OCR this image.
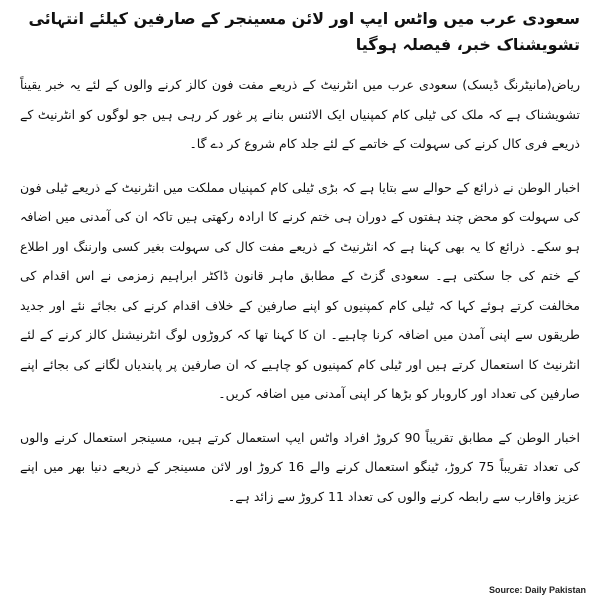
سعودی عرب میں واٹس ایپ اور لائن مسینجر کے صارفین کیلئے انتہائی تشویشناک خبر، فیصلہ ہوگیا

ریاض(مانیٹرنگ ڈیسک) سعودی عرب میں انٹرنیٹ کے ذریعے مفت فون کالز کرنے والوں کے لئے یہ خبر یقیناً تشویشناک ہے کہ ملک کی ٹیلی کام کمپنیاں ایک الائنس بنانے پر غور کر رہی ہیں جو لوگوں کو انٹرنیٹ کے ذریعے فری کال کرنے کی سہولت کے خاتمے کے لئے جلد کام شروع کر دے گا۔

اخبار الوطن نے ذرائع کے حوالے سے بتایا ہے کہ بڑی ٹیلی کام کمپنیاں مملکت میں انٹرنیٹ کے ذریعے ٹیلی فون کی سہولت کو محض چند ہفتوں کے دوران ہی ختم کرنے کا ارادہ رکھتی ہیں تاکہ ان کی آمدنی میں اضافہ ہو سکے۔ ذرائع کا یہ بھی کہنا ہے کہ انٹرنیٹ کے ذریعے مفت کال کی سہولت بغیر کسی وارننگ اور اطلاع کے ختم کی جا سکتی ہے۔ سعودی گزٹ کے مطابق ماہر قانون ڈاکٹر ابراہیم زمزمی نے اس اقدام کی مخالفت کرتے ہوئے کہا کہ ٹیلی کام کمپنیوں کو اپنے صارفین کے خلاف اقدام کرنے کی بجائے نئے اور جدید طریقوں سے اپنی آمدن میں اضافہ کرنا چاہیے۔ ان کا کہنا تھا کہ کروڑوں لوگ انٹرنیشنل کالز کرنے کے لئے انٹرنیٹ کا استعمال کرتے ہیں اور ٹیلی کام کمپنیوں کو چاہیے کہ ان صارفین پر پابندیاں لگانے کی بجائے اپنے صارفین کی تعداد اور کاروبار کو بڑھا کر اپنی آمدنی میں اضافہ کریں۔

اخبار الوطن کے مطابق تقریباً 90 کروڑ افراد واٹس ایپ استعمال کرتے ہیں، مسینجر استعمال کرنے والوں کی تعداد تقریباً 75 کروڑ، ٹینگو استعمال کرنے والے 16 کروڑ اور لائن مسینجر کے ذریعے دنیا بھر میں اپنے عزیز واقارب سے رابطہ کرنے والوں کی تعداد 11 کروڑ سے زائد ہے۔

Source: Daily Pakistan
